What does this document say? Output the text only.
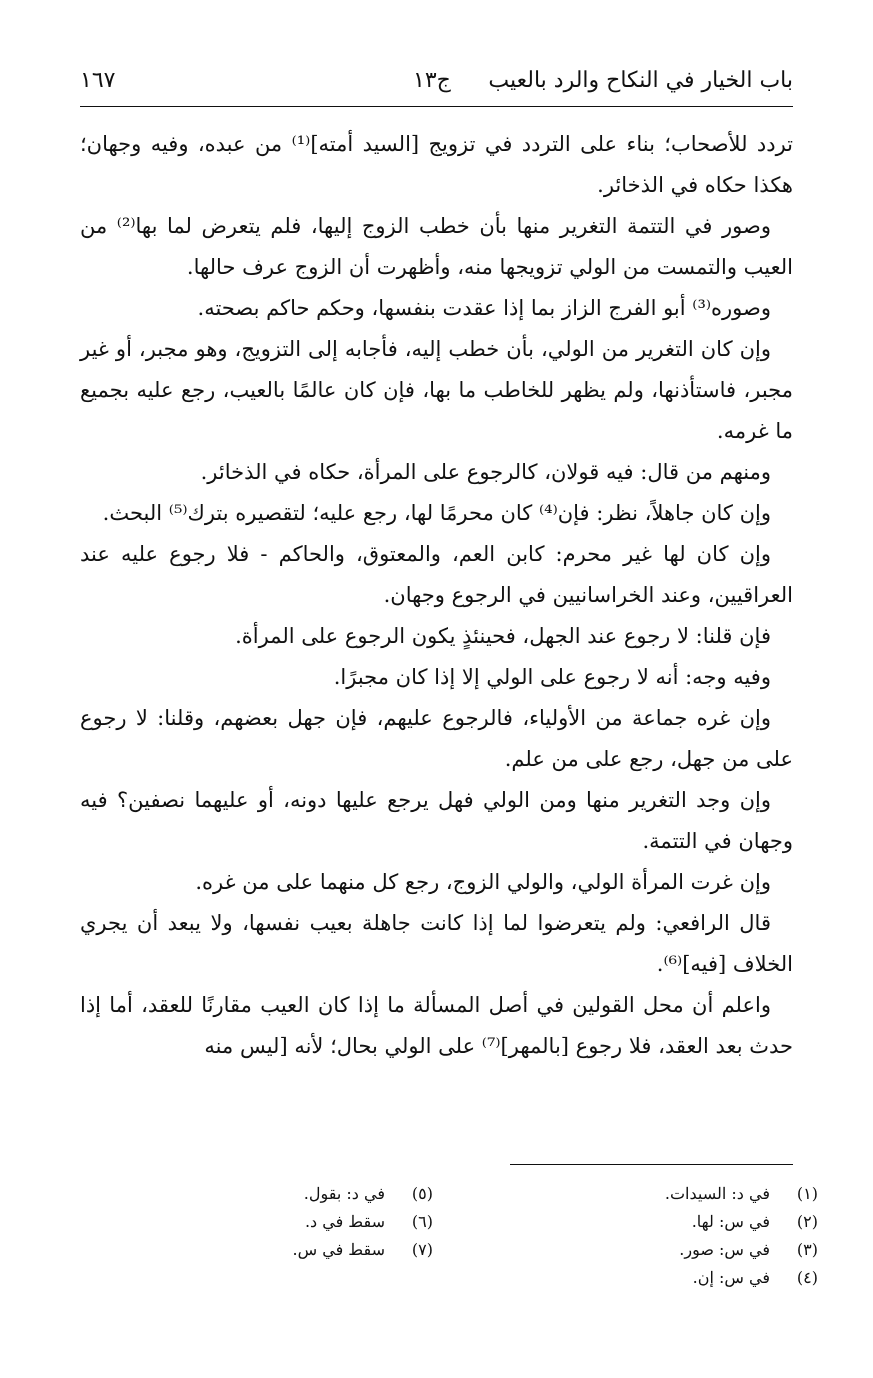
باب الخيار في النكاح والرد بالعيب
ج١٣
١٦٧

تردد للأصحاب؛ بناء على التردد في تزويج [السيد أمته]⁽¹⁾ من عبده، وفيه وجهان؛ هكذا حكاه في الذخائر.

وصور في التتمة التغرير منها بأن خطب الزوج إليها، فلم يتعرض لما بها⁽²⁾ من العيب والتمست من الولي تزويجها منه، وأظهرت أن الزوج عرف حالها.

وصوره⁽³⁾ أبو الفرج الزاز بما إذا عقدت بنفسها، وحكم حاكم بصحته.

وإن كان التغرير من الولي، بأن خطب إليه، فأجابه إلى التزويج، وهو مجبر، أو غير مجبر، فاستأذنها، ولم يظهر للخاطب ما بها، فإن كان عالمًا بالعيب، رجع عليه بجميع ما غرمه.

ومنهم من قال: فيه قولان، كالرجوع على المرأة، حكاه في الذخائر.

وإن كان جاهلاً، نظر: فإن⁽⁴⁾ كان محرمًا لها، رجع عليه؛ لتقصيره بترك⁽⁵⁾ البحث.

وإن كان لها غير محرم: كابن العم، والمعتوق، والحاكم - فلا رجوع عليه عند العراقيين، وعند الخراسانيين في الرجوع وجهان.

فإن قلنا: لا رجوع عند الجهل، فحينئذٍ يكون الرجوع على المرأة.

وفيه وجه: أنه لا رجوع على الولي إلا إذا كان مجبرًا.

وإن غره جماعة من الأولياء، فالرجوع عليهم، فإن جهل بعضهم، وقلنا: لا رجوع على من جهل، رجع على من علم.

وإن وجد التغرير منها ومن الولي فهل يرجع عليها دونه، أو عليهما نصفين؟ فيه وجهان في التتمة.

وإن غرت المرأة الولي، والولي الزوج، رجع كل منهما على من غره.

قال الرافعي: ولم يتعرضوا لما إذا كانت جاهلة بعيب نفسها، ولا يبعد أن يجري الخلاف [فيه]⁽⁶⁾.

واعلم أن محل القولين في أصل المسألة ما إذا كان العيب مقارنًا للعقد، أما إذا حدث بعد العقد، فلا رجوع [بالمهر]⁽⁷⁾ على الولي بحال؛ لأنه [ليس منه

(١)في د: السيدات.
(٢)في س: لها.
(٣)في س: صور.
(٤)في س: إن.
(٥)في د: بقول.
(٦)سقط في د.
(٧)سقط في س.
